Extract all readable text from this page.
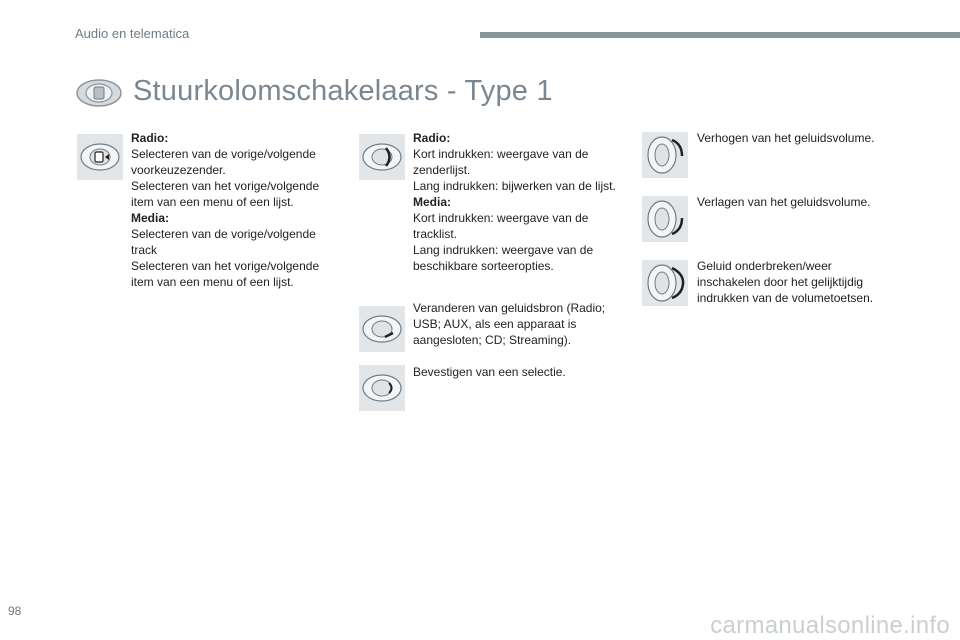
Audio en telematica
Stuurkolomschakelaars - Type 1
Radio:
Selecteren van de vorige/volgende voorkeuzezender.
Selecteren van het vorige/volgende item van een menu of een lijst.
Media:
Selecteren van de vorige/volgende track
Selecteren van het vorige/volgende item van een menu of een lijst.
Radio:
Kort indrukken: weergave van de zenderlijst.
Lang indrukken: bijwerken van de lijst.
Media:
Kort indrukken: weergave van de tracklist.
Lang indrukken: weergave van de beschikbare sorteeropties.
Veranderen van geluidsbron (Radio; USB; AUX, als een apparaat is aangesloten; CD; Streaming).
Bevestigen van een selectie.
Verhogen van het geluidsvolume.
Verlagen van het geluidsvolume.
Geluid onderbreken/weer inschakelen door het gelijktijdig indrukken van de volumetoetsen.
98
carmanualsonline.info
